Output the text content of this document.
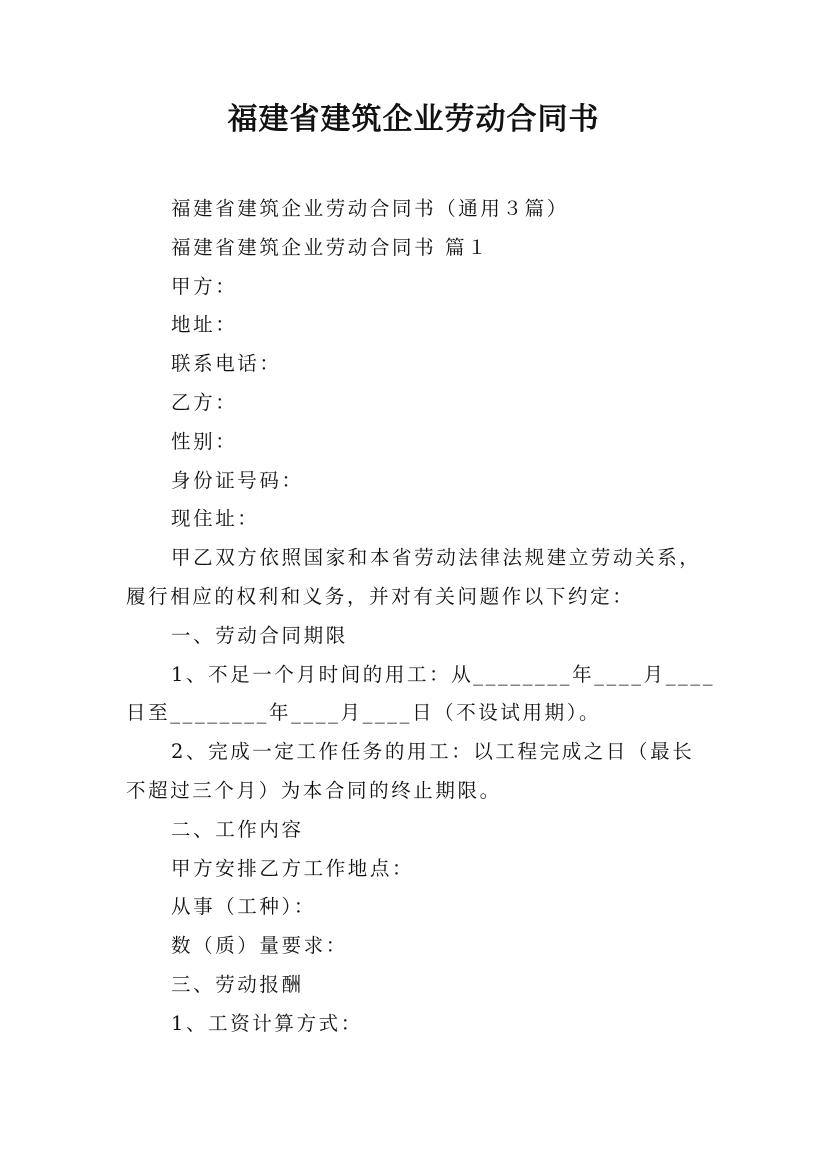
福建省建筑企业劳动合同书

福建省建筑企业劳动合同书（通用３篇）

福建省建筑企业劳动合同书 篇１

甲方：

地址：

联系电话：

乙方：

性别：

身份证号码：

现住址：

甲乙双方依照国家和本省劳动法律法规建立劳动关系，

履行相应的权利和义务，并对有关问题作以下约定：

一、劳动合同期限

1、不足一个月时间的用工：从________年____月____

日至________年____月____日（不设试用期）。

2、完成一定工作任务的用工：以工程完成之日（最长

不超过三个月）为本合同的终止期限。

二、工作内容

甲方安排乙方工作地点：

从事（工种）：

数（质）量要求：

三、劳动报酬

1、工资计算方式：
